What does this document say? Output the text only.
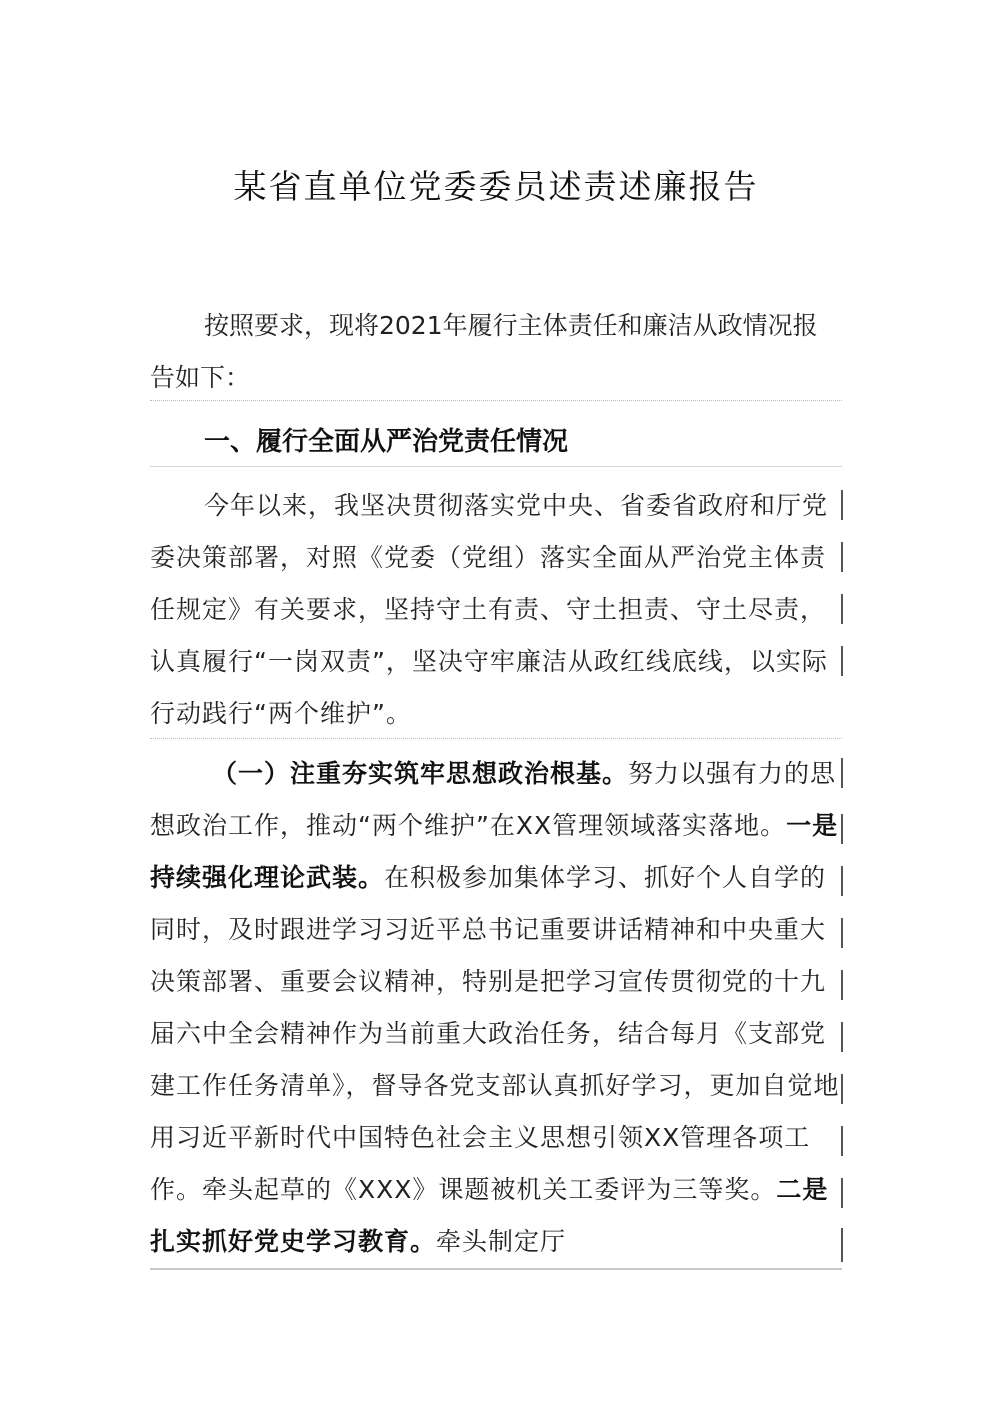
某省直单位党委委员述责述廉报告
按照要求，现将2021年履行主体责任和廉洁从政情况报告如下：
一、履行全面从严治党责任情况
今年以来，我坚决贯彻落实党中央、省委省政府和厅党委决策部署，对照《党委（党组）落实全面从严治党主体责任规定》有关要求，坚持守土有责、守土担责、守土尽责，认真履行“一岗双责”，坚决守牢廉洁从政红线底线，以实际行动践行“两个维护”。
（一）注重夯实筑牢思想政治根基。努力以强有力的思想政治工作，推动“两个维护”在XX管理领域落实落地。一是持续强化理论武装。在积极参加集体学习、抓好个人自学的同时，及时跟进学习习近平总书记重要讲话精神和中央重大决策部署、重要会议精神，特别是把学习宣传贯彻党的十九届六中全会精神作为当前重大政治任务，结合每月《支部党建工作任务清单》，督导各党支部认真抓好学习，更加自觉地用习近平新时代中国特色社会主义思想引领XX管理各项工作。牵头起草的《XXX》课题被机关工委评为三等奖。二是扎实抓好党史学习教育。牵头制定厅
